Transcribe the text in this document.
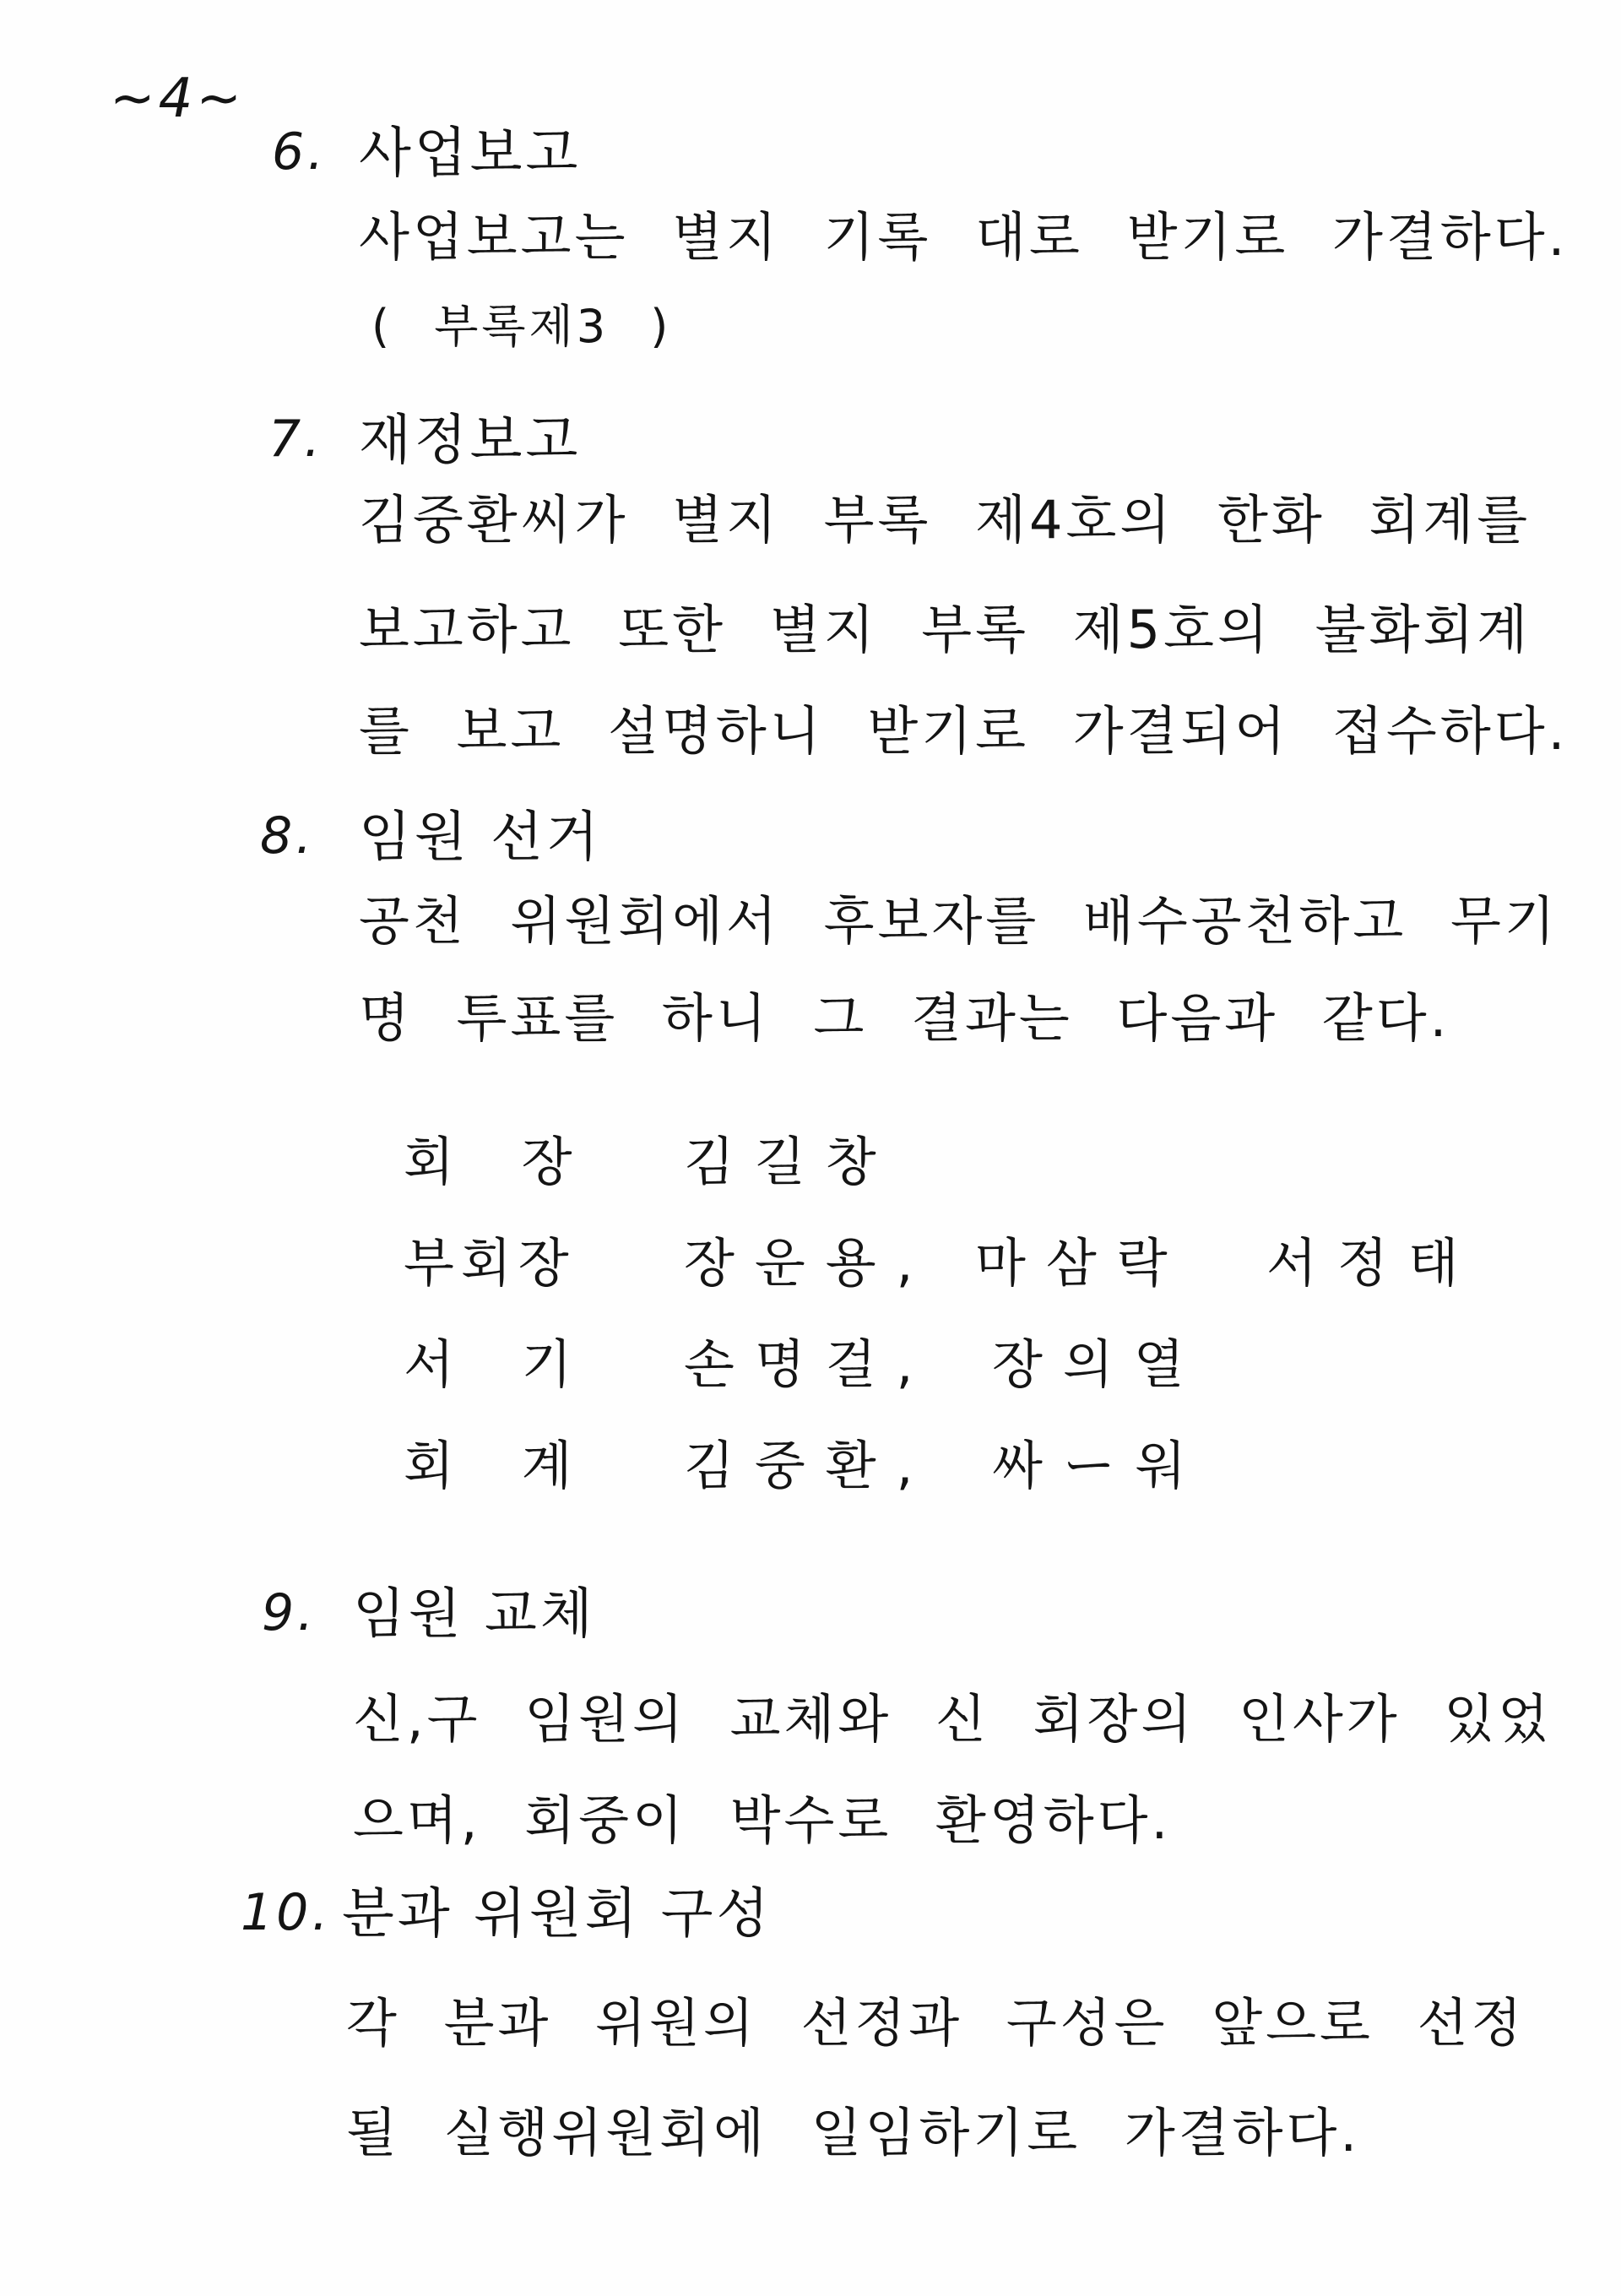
~4~
6. 사업보고
사업보고는 별지 기록 대로 받기로 가결하다.
( 부록제3 )
7. 재정보고
김중환씨가 별지 부록 제4호의 한화 회계를
보고하고 또한 별지 부록 제5호의 불화회계
를 보고 설명하니 받기로 가결되어 접수하다.
8. 임원 선거
공천 위원회에서 후보자를 배수공천하고 무기
명 투표를 하니 그 결과는 다음과 같다.
회 장 김길창
부회장 장운용, 마삼락 서정태
서 기 손명걸, 장의열
회 계 김중환, 싸ー워
9. 임원 교체
신,구 임원의 교체와 신 회장의 인사가 있었
으며, 회중이 박수로 환영하다.
10. 분과 위원회 구성
각 분과 위원의 선정과 구성은 앞으로 선정
될 실행위원회에 일임하기로 가결하다.
